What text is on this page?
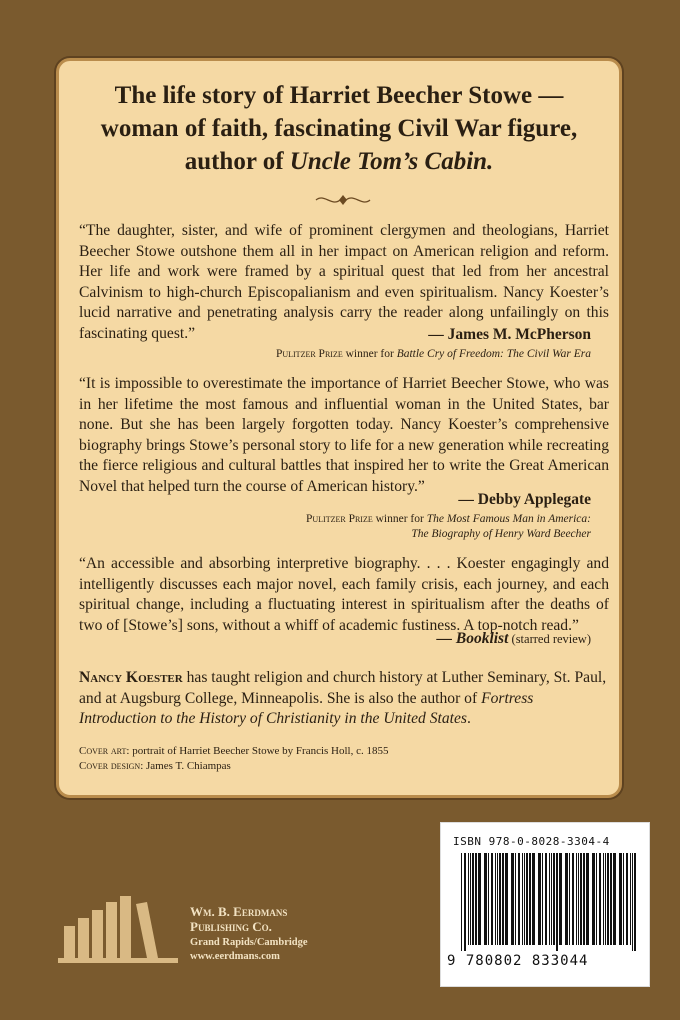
The life story of Harriet Beecher Stowe —
woman of faith, fascinating Civil War figure,
author of Uncle Tom’s Cabin.
“The daughter, sister, and wife of prominent clergymen and theologians, Harriet Beecher Stowe outshone them all in her impact on American religion and reform. Her life and work were framed by a spiritual quest that led from her ancestral Calvinism to high-church Episcopalianism and even spiritualism. Nancy Koester’s lucid narrative and penetrating analysis carry the reader along unfailingly on this fascinating quest.”	— James M. McPherson
Pulitzer Prize winner for Battle Cry of Freedom: The Civil War Era
“It is impossible to overestimate the importance of Harriet Beecher Stowe, who was in her lifetime the most famous and influential woman in the United States, bar none. But she has been largely forgotten today. Nancy Koester’s comprehensive biography brings Stowe’s personal story to life for a new generation while recreating the fierce religious and cultural battles that inspired her to write the Great American Novel that helped turn the course of American history.”
— Debby Applegate
Pulitzer Prize winner for The Most Famous Man in America:
The Biography of Henry Ward Beecher
“An accessible and absorbing interpretive biography. . . . Koester engagingly and intelligently discusses each major novel, each family crisis, each journey, and each spiritual change, including a fluctuating interest in spiritualism after the deaths of two of [Stowe’s] sons, without a whiff of academic fustiness. A top-notch read.”
— Booklist (starred review)
Nancy Koester has taught religion and church history at Luther Seminary, St. Paul, and at Augsburg College, Minneapolis. She is also the author of Fortress Introduction to the History of Christianity in the United States.
Cover art: portrait of Harriet Beecher Stowe by Francis Holl, c. 1855
Cover design: James T. Chiampas
Wm. B. Eerdmans
Publishing Co.
Grand Rapids/Cambridge
www.eerdmans.com
ISBN 978-0-8028-3304-4
9 780802 833044
